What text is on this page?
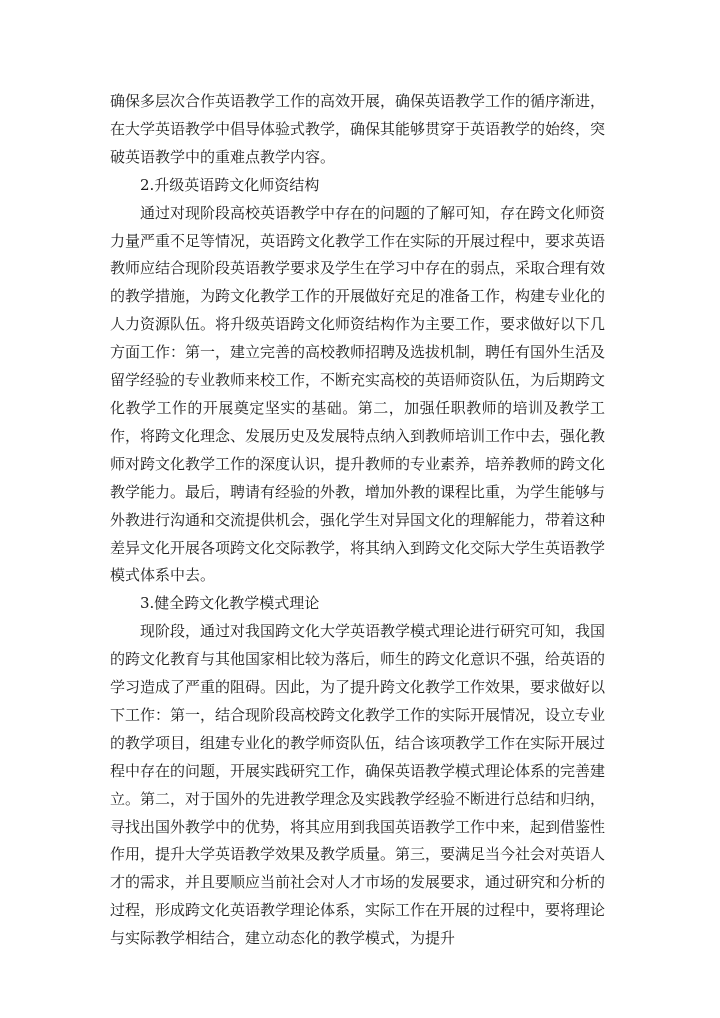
确保多层次合作英语教学工作的高效开展，确保英语教学工作的循序渐进，在大学英语教学中倡导体验式教学，确保其能够贯穿于英语教学的始终，突破英语教学中的重难点教学内容。

2.升级英语跨文化师资结构

通过对现阶段高校英语教学中存在的问题的了解可知，存在跨文化师资力量严重不足等情况，英语跨文化教学工作在实际的开展过程中，要求英语教师应结合现阶段英语教学要求及学生在学习中存在的弱点，采取合理有效的教学措施，为跨文化教学工作的开展做好充足的准备工作，构建专业化的人力资源队伍。将升级英语跨文化师资结构作为主要工作，要求做好以下几方面工作：第一，建立完善的高校教师招聘及选拔机制，聘任有国外生活及留学经验的专业教师来校工作，不断充实高校的英语师资队伍，为后期跨文化教学工作的开展奠定坚实的基础。第二，加强任职教师的培训及教学工作，将跨文化理念、发展历史及发展特点纳入到教师培训工作中去，强化教师对跨文化教学工作的深度认识，提升教师的专业素养，培养教师的跨文化教学能力。最后，聘请有经验的外教，增加外教的课程比重，为学生能够与外教进行沟通和交流提供机会，强化学生对异国文化的理解能力，带着这种差异文化开展各项跨文化交际教学，将其纳入到跨文化交际大学生英语教学模式体系中去。

3.健全跨文化教学模式理论

现阶段，通过对我国跨文化大学英语教学模式理论进行研究可知，我国的跨文化教育与其他国家相比较为落后，师生的跨文化意识不强，给英语的学习造成了严重的阻碍。因此，为了提升跨文化教学工作效果，要求做好以下工作：第一，结合现阶段高校跨文化教学工作的实际开展情况，设立专业的教学项目，组建专业化的教学师资队伍，结合该项教学工作在实际开展过程中存在的问题，开展实践研究工作，确保英语教学模式理论体系的完善建立。第二，对于国外的先进教学理念及实践教学经验不断进行总结和归纳，寻找出国外教学中的优势，将其应用到我国英语教学工作中来，起到借鉴性作用，提升大学英语教学效果及教学质量。第三，要满足当今社会对英语人才的需求，并且要顺应当前社会对人才市场的发展要求，通过研究和分析的过程，形成跨文化英语教学理论体系，实际工作在开展的过程中，要将理论与实际教学相结合，建立动态化的教学模式，为提升
